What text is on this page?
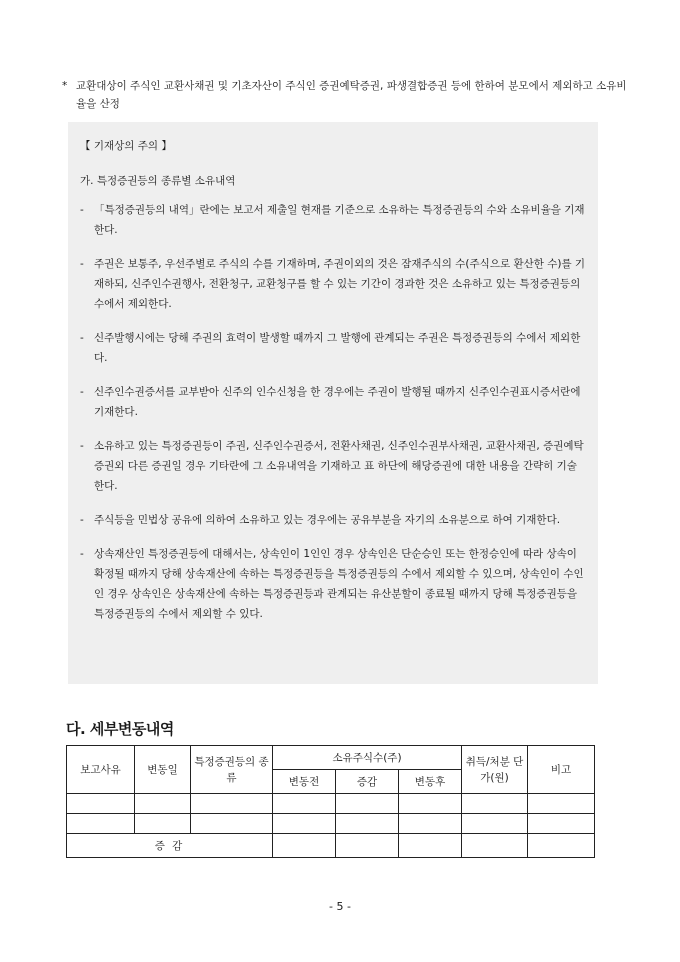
* 교환대상이 주식인 교환사채권 및 기초자산이 주식인 증권예탁증권, 파생결합증권 등에 한하여 분모에서 제외하고 소유비율을 산정
【 기재상의 주의 】
가. 특정증권등의 종류별 소유내역
- 「특정증권등의 내역」란에는 보고서 제출일 현재를 기준으로 소유하는 특정증권등의 수와 소유비율을 기재한다.
- 주권은 보통주, 우선주별로 주식의 수를 기재하며, 주권이외의 것은 잠재주식의 수(주식으로 환산한 수)를 기재하되, 신주인수권행사, 전환청구, 교환청구를 할 수 있는 기간이 경과한 것은 소유하고 있는 특정증권등의 수에서 제외한다.
- 신주발행시에는 당해 주권의 효력이 발생할 때까지 그 발행에 관계되는 주권은 특정증권등의 수에서 제외한다.
- 신주인수권증서를 교부받아 신주의 인수신청을 한 경우에는 주권이 발행될 때까지 신주인수권표시증서란에 기재한다.
- 소유하고 있는 특정증권등이 주권, 신주인수권증서, 전환사채권, 신주인수권부사채권, 교환사채권, 증권예탁증권외 다른 증권일 경우 기타란에 그 소유내역을 기재하고 표 하단에 해당증권에 대한 내용을 간략히 기술한다.
- 주식등을 민법상 공유에 의하여 소유하고 있는 경우에는 공유부분을 자기의 소유분으로 하여 기재한다.
- 상속재산인 특정증권등에 대해서는, 상속인이 1인인 경우 상속인은 단순승인 또는 한정승인에 따라 상속이 확정될 때까지 당해 상속재산에 속하는 특정증권등을 특정증권등의 수에서 제외할 수 있으며, 상속인이 수인인 경우 상속인은 상속재산에 속하는 특정증권등과 관계되는 유산분할이 종료될 때까지 당해 특정증권등을 특정증권등의 수에서 제외할 수 있다.
다. 세부변동내역
보고사유	변동일	특정증권등의 종류	소유주식수(주)			취득/처분 단가(원)	비고
			변동전	증감	변동후		

증 감							
- 5 -
